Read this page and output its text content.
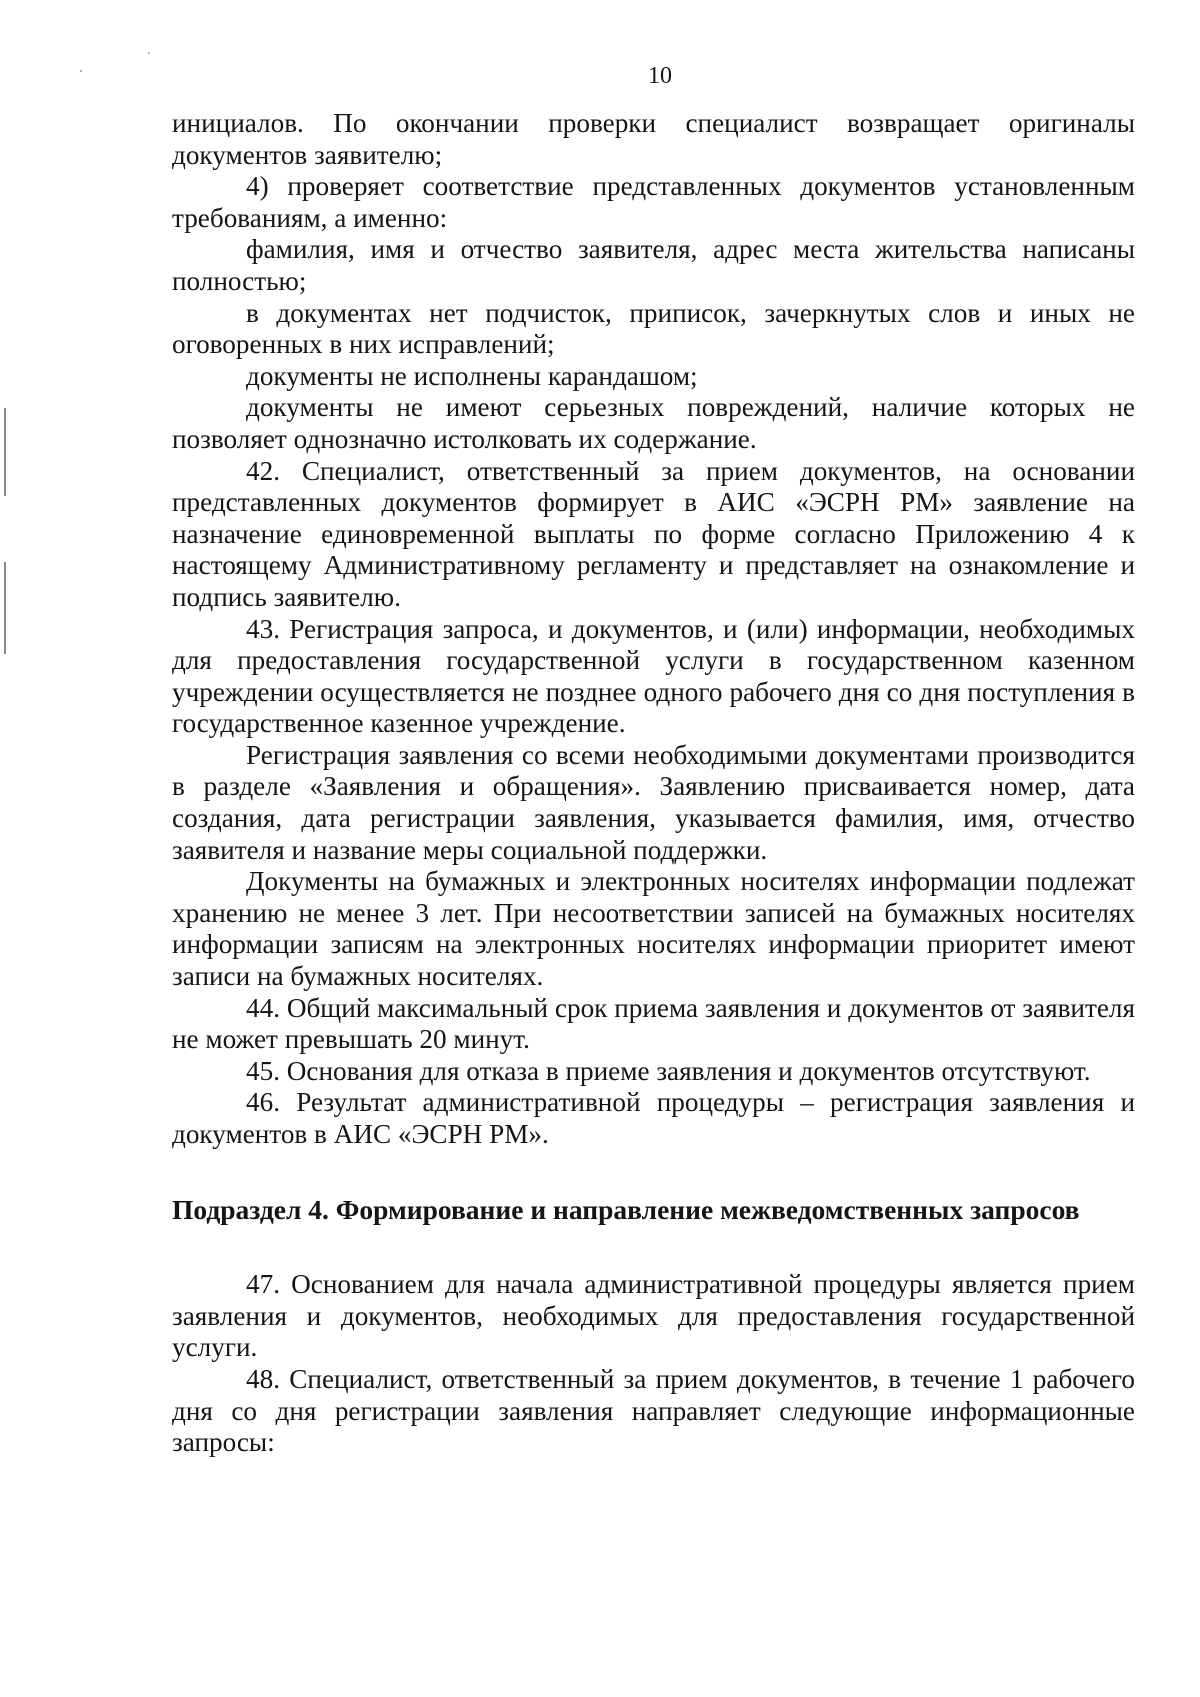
10

инициалов. По окончании проверки специалист возвращает оригиналы документов заявителю;

4) проверяет соответствие представленных документов установленным требованиям, а именно:

фамилия, имя и отчество заявителя, адрес места жительства написаны полностью;

в документах нет подчисток, приписок, зачеркнутых слов и иных не оговоренных в них исправлений;

документы не исполнены карандашом;

документы не имеют серьезных повреждений, наличие которых не позволяет однозначно истолковать их содержание.

42. Специалист, ответственный за прием документов, на основании представленных документов формирует в АИС «ЭСРН РМ» заявление на назначение единовременной выплаты по форме согласно Приложению 4 к настоящему Административному регламенту и представляет на ознакомление и подпись заявителю.

43. Регистрация запроса, и документов, и (или) информации, необходимых для предоставления государственной услуги в государственном казенном учреждении осуществляется не позднее одного рабочего дня со дня поступления в государственное казенное учреждение.

Регистрация заявления со всеми необходимыми документами производится в разделе «Заявления и обращения». Заявлению присваивается номер, дата создания, дата регистрации заявления, указывается фамилия, имя, отчество заявителя и название меры социальной поддержки.

Документы на бумажных и электронных носителях информации подлежат хранению не менее 3 лет. При несоответствии записей на бумажных носителях информации записям на электронных носителях информации приоритет имеют записи на бумажных носителях.

44. Общий максимальный срок приема заявления и документов от заявителя не может превышать 20 минут.

45. Основания для отказа в приеме заявления и документов отсутствуют.

46. Результат административной процедуры – регистрация заявления и документов в АИС «ЭСРН РМ».

Подраздел 4. Формирование и направление межведомственных запросов

47. Основанием для начала административной процедуры является прием заявления и документов, необходимых для предоставления государственной услуги.

48. Специалист, ответственный за прием документов, в течение 1 рабочего дня со дня регистрации заявления направляет следующие информационные запросы:
